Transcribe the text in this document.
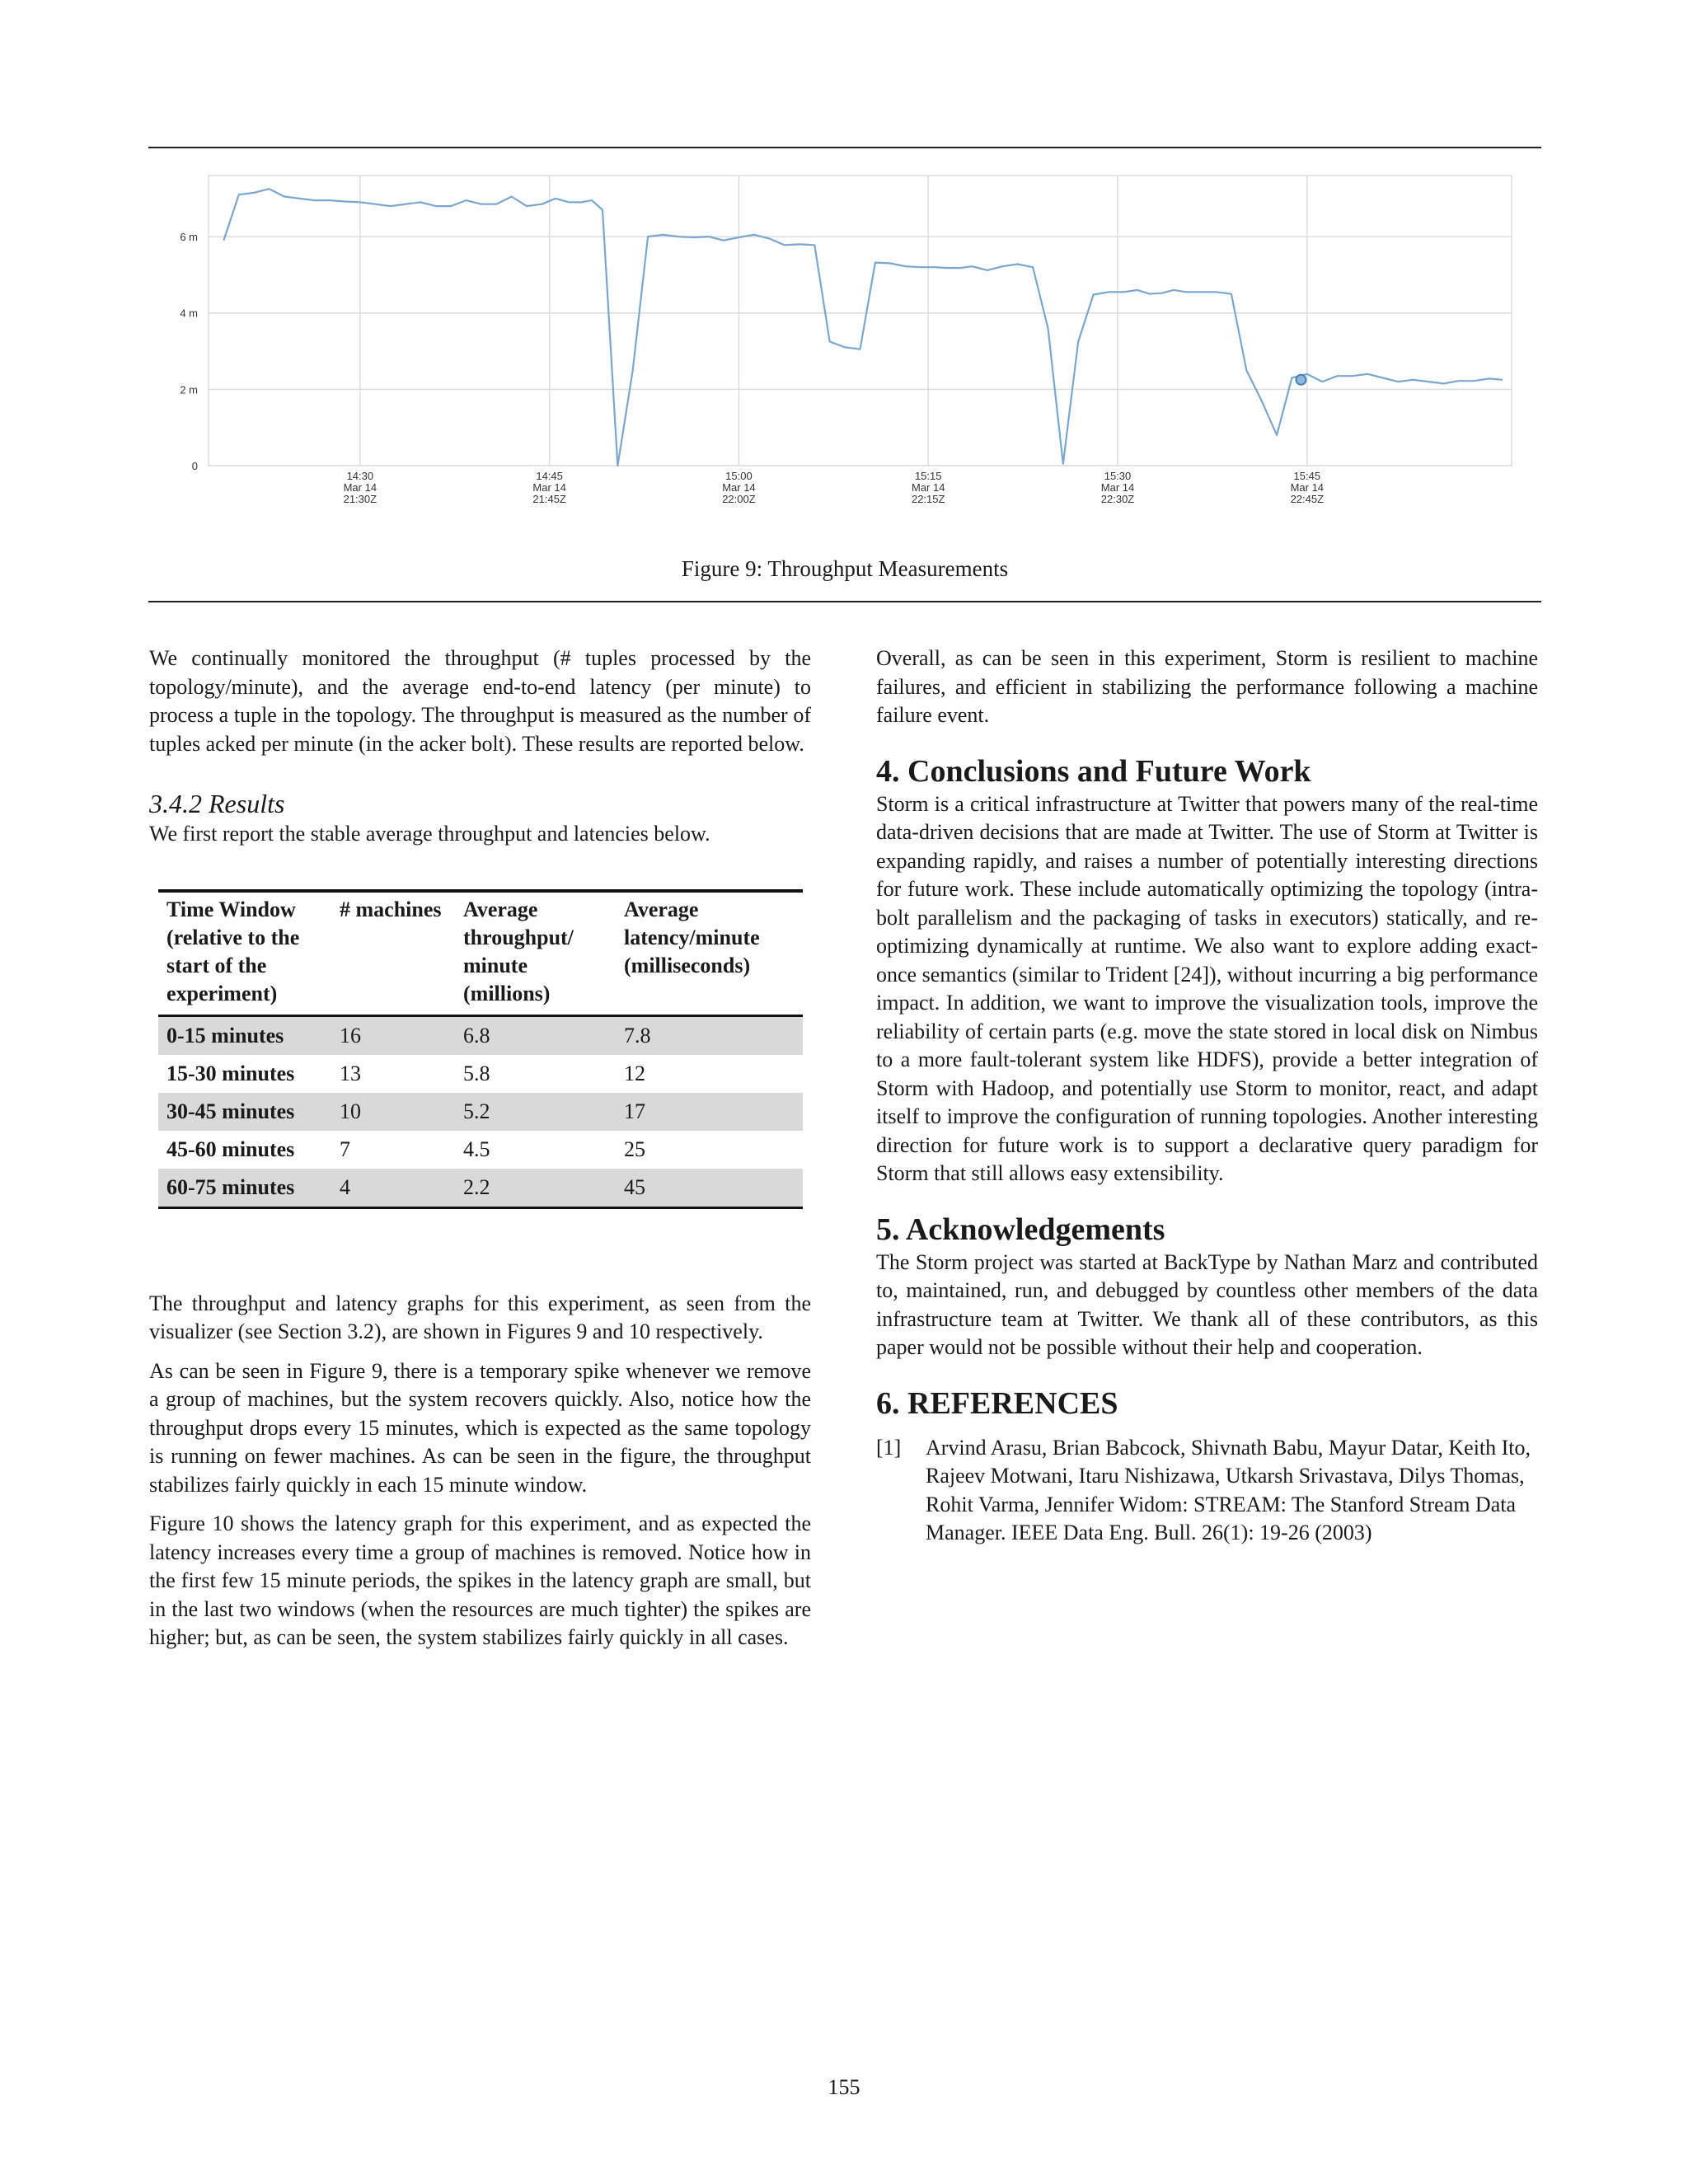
0
2 m
4 m
6 m
14:30
Mar 14
21:30Z
14:45
Mar 14
21:45Z
15:00
Mar 14
22:00Z
15:15
Mar 14
22:15Z
15:30
Mar 14
22:30Z
15:45
Mar 14
22:45Z
Figure 9: Throughput Measurements

We continually monitored the throughput (# tuples processed by the topology/minute), and the average end-to-end latency (per minute) to process a tuple in the topology. The throughput is measured as the number of tuples acked per minute (in the acker bolt). These results are reported below.

3.4.2 Results

We first report the stable average throughput and latencies below.

Time Window (relative to the start of the experiment)	# machines	Average throughput/ minute (millions)	Average latency/minute (milliseconds)
0-15 minutes	16	6.8	7.8
15-30 minutes	13	5.8	12
30-45 minutes	10	5.2	17
45-60 minutes	7	4.5	25
60-75 minutes	4	2.2	45

The throughput and latency graphs for this experiment, as seen from the visualizer (see Section 3.2), are shown in Figures 9 and 10 respectively.

As can be seen in Figure 9, there is a temporary spike whenever we remove a group of machines, but the system recovers quickly. Also, notice how the throughput drops every 15 minutes, which is expected as the same topology is running on fewer machines. As can be seen in the figure, the throughput stabilizes fairly quickly in each 15 minute window.

Figure 10 shows the latency graph for this experiment, and as expected the latency increases every time a group of machines is removed. Notice how in the first few 15 minute periods, the spikes in the latency graph are small, but in the last two windows (when the resources are much tighter) the spikes are higher; but, as can be seen, the system stabilizes fairly quickly in all cases.

Overall, as can be seen in this experiment, Storm is resilient to machine failures, and efficient in stabilizing the performance following a machine failure event.

4. Conclusions and Future Work

Storm is a critical infrastructure at Twitter that powers many of the real-time data-driven decisions that are made at Twitter. The use of Storm at Twitter is expanding rapidly, and raises a number of potentially interesting directions for future work. These include automatically optimizing the topology (intra-bolt parallelism and the packaging of tasks in executors) statically, and re-optimizing dynamically at runtime. We also want to explore adding exact-once semantics (similar to Trident [24]), without incurring a big performance impact. In addition, we want to improve the visualization tools, improve the reliability of certain parts (e.g. move the state stored in local disk on Nimbus to a more fault-tolerant system like HDFS), provide a better integration of Storm with Hadoop, and potentially use Storm to monitor, react, and adapt itself to improve the configuration of running topologies. Another interesting direction for future work is to support a declarative query paradigm for Storm that still allows easy extensibility.

5. Acknowledgements

The Storm project was started at BackType by Nathan Marz and contributed to, maintained, run, and debugged by countless other members of the data infrastructure team at Twitter. We thank all of these contributors, as this paper would not be possible without their help and cooperation.

6. REFERENCES
[1]	Arvind Arasu, Brian Babcock, Shivnath Babu, Mayur Datar, Keith Ito, Rajeev Motwani, Itaru Nishizawa, Utkarsh Srivastava, Dilys Thomas, Rohit Varma, Jennifer Widom: STREAM: The Stanford Stream Data Manager. IEEE Data Eng. Bull. 26(1): 19-26 (2003)
155
